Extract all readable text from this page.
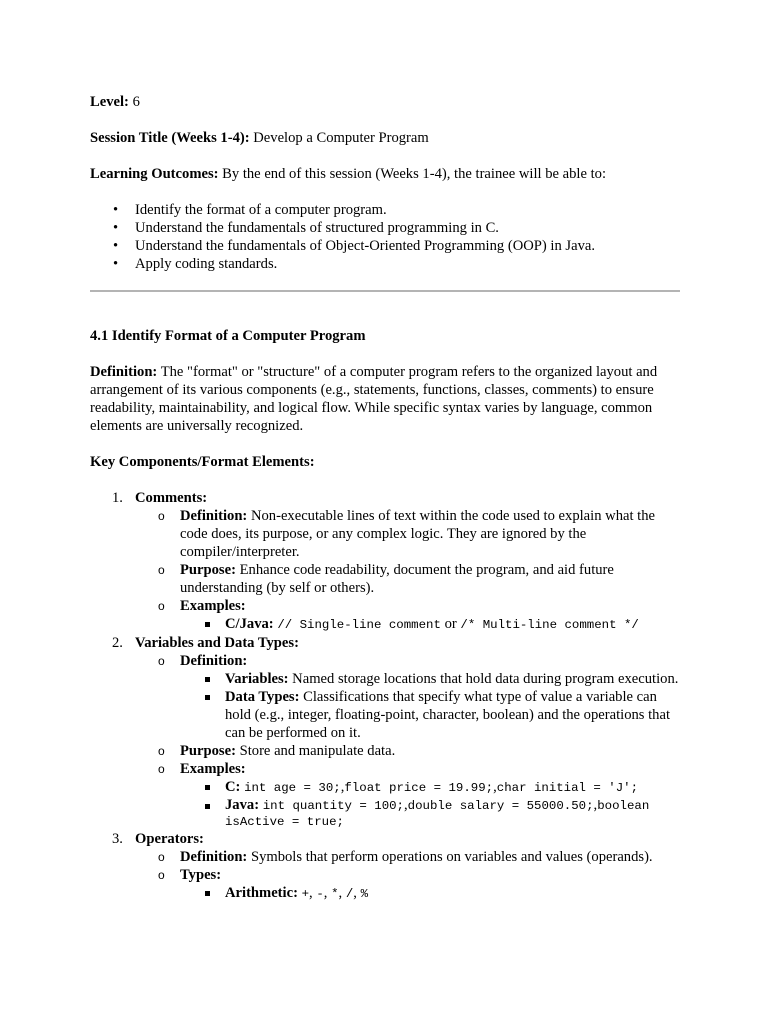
Level: 6

Session Title (Weeks 1-4): Develop a Computer Program

Learning Outcomes: By the end of this session (Weeks 1-4), the trainee will be able to:

• Identify the format of a computer program.
• Understand the fundamentals of structured programming in C.
• Understand the fundamentals of Object-Oriented Programming (OOP) in Java.
• Apply coding standards.

4.1 Identify Format of a Computer Program

Definition: The "format" or "structure" of a computer program refers to the organized layout and arrangement of its various components (e.g., statements, functions, classes, comments) to ensure readability, maintainability, and logical flow. While specific syntax varies by language, common elements are universally recognized.

Key Components/Format Elements:

1. Comments:
o Definition: Non-executable lines of text within the code used to explain what the code does, its purpose, or any complex logic. They are ignored by the compiler/interpreter.
o Purpose: Enhance code readability, document the program, and aid future understanding (by self or others).
o Examples:
C/Java: // Single-line comment or /* Multi-line comment */
2. Variables and Data Types:
o Definition:
Variables: Named storage locations that hold data during program execution.
Data Types: Classifications that specify what type of value a variable can hold (e.g., integer, floating-point, character, boolean) and the operations that can be performed on it.
o Purpose: Store and manipulate data.
o Examples:
C: int age = 30;,float price = 19.99;,char initial = 'J';
Java: int quantity = 100;,double salary = 55000.50;,boolean isActive = true;
3. Operators:
o Definition: Symbols that perform operations on variables and values (operands).
o Types:
Arithmetic: +, -, *, /, %
